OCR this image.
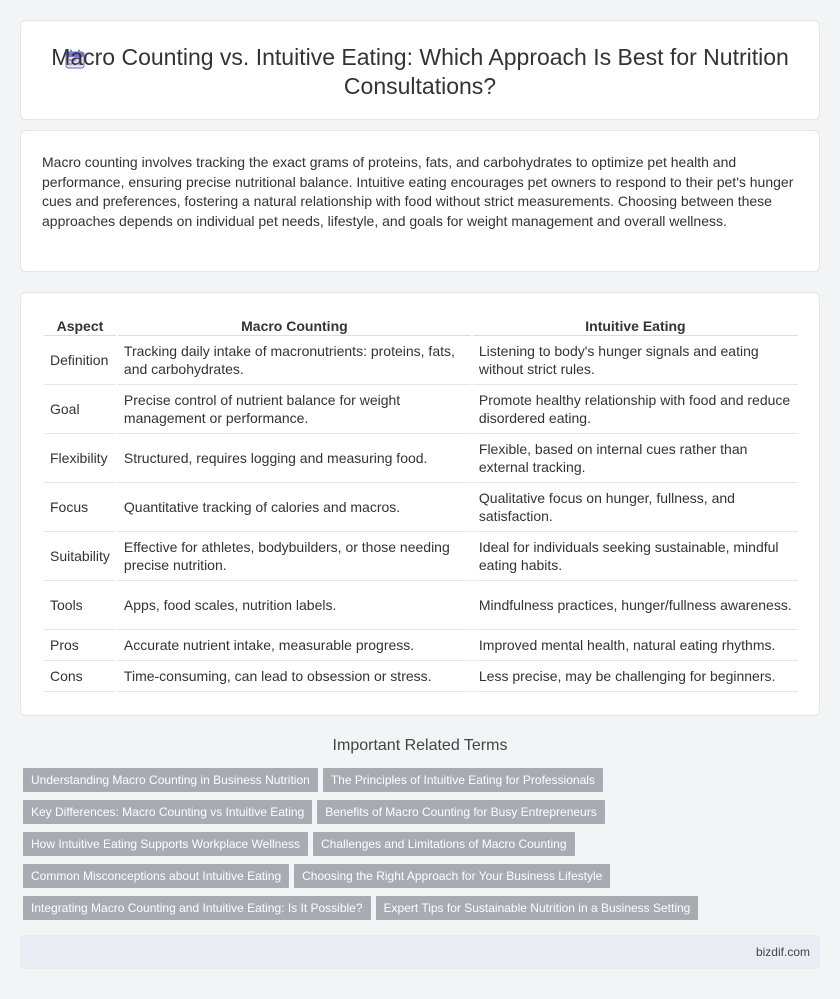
Macro Counting vs. Intuitive Eating: Which Approach Is Best for Nutrition Consultations?

Macro counting involves tracking the exact grams of proteins, fats, and carbohydrates to optimize pet health and performance, ensuring precise nutritional balance. Intuitive eating encourages pet owners to respond to their pet's hunger cues and preferences, fostering a natural relationship with food without strict measurements. Choosing between these approaches depends on individual pet needs, lifestyle, and goals for weight management and overall wellness.

Aspect	Macro Counting	Intuitive Eating
Definition	Tracking daily intake of macronutrients: proteins, fats, and carbohydrates.	Listening to body's hunger signals and eating without strict rules.
Goal	Precise control of nutrient balance for weight management or performance.	Promote healthy relationship with food and reduce disordered eating.
Flexibility	Structured, requires logging and measuring food.	Flexible, based on internal cues rather than external tracking.
Focus	Quantitative tracking of calories and macros.	Qualitative focus on hunger, fullness, and satisfaction.
Suitability	Effective for athletes, bodybuilders, or those needing precise nutrition.	Ideal for individuals seeking sustainable, mindful eating habits.
Tools	Apps, food scales, nutrition labels.	Mindfulness practices, hunger/fullness awareness.
Pros	Accurate nutrient intake, measurable progress.	Improved mental health, natural eating rhythms.
Cons	Time-consuming, can lead to obsession or stress.	Less precise, may be challenging for beginners.
Important Related Terms
Understanding Macro Counting in Business Nutrition The Principles of Intuitive Eating for Professionals
Key Differences: Macro Counting vs Intuitive Eating Benefits of Macro Counting for Busy Entrepreneurs
How Intuitive Eating Supports Workplace Wellness Challenges and Limitations of Macro Counting
Common Misconceptions about Intuitive Eating Choosing the Right Approach for Your Business Lifestyle
Integrating Macro Counting and Intuitive Eating: Is It Possible? Expert Tips for Sustainable Nutrition in a Business Setting
bizdif.com
